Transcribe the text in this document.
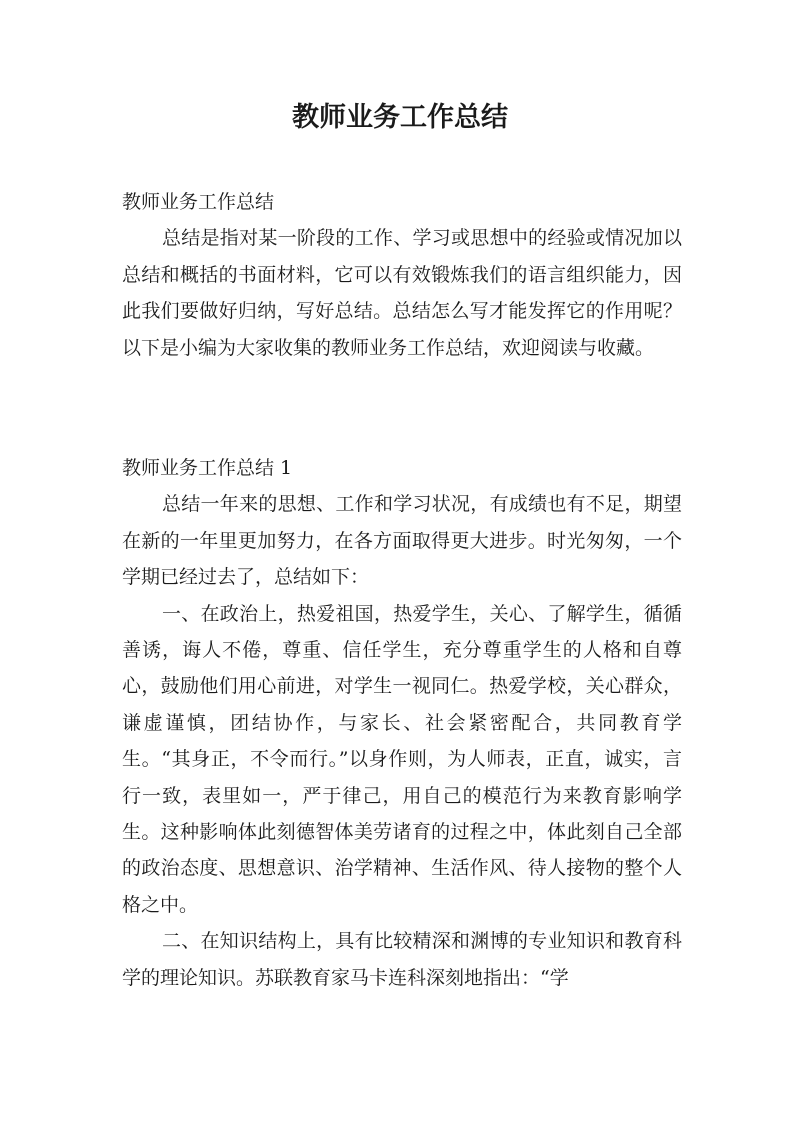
教师业务工作总结

教师业务工作总结

总结是指对某一阶段的工作、学习或思想中的经验或情况加以总结和概括的书面材料，它可以有效锻炼我们的语言组织能力，因此我们要做好归纳，写好总结。总结怎么写才能发挥它的作用呢？以下是小编为大家收集的教师业务工作总结，欢迎阅读与收藏。

教师业务工作总结 1

总结一年来的思想、工作和学习状况，有成绩也有不足，期望在新的一年里更加努力，在各方面取得更大进步。时光匆匆，一个学期已经过去了，总结如下：

一、在政治上，热爱祖国，热爱学生，关心、了解学生，循循善诱，诲人不倦，尊重、信任学生，充分尊重学生的人格和自尊心，鼓励他们用心前进，对学生一视同仁。热爱学校，关心群众，谦虚谨慎，团结协作，与家长、社会紧密配合，共同教育学生。“其身正，不令而行。”以身作则，为人师表，正直，诚实，言行一致，表里如一，严于律己，用自己的模范行为来教育影响学生。这种影响体此刻德智体美劳诸育的过程之中，体此刻自己全部的政治态度、思想意识、治学精神、生活作风、待人接物的整个人格之中。

二、在知识结构上，具有比较精深和渊博的专业知识和教育科学的理论知识。苏联教育家马卡连科深刻地指出：“学
